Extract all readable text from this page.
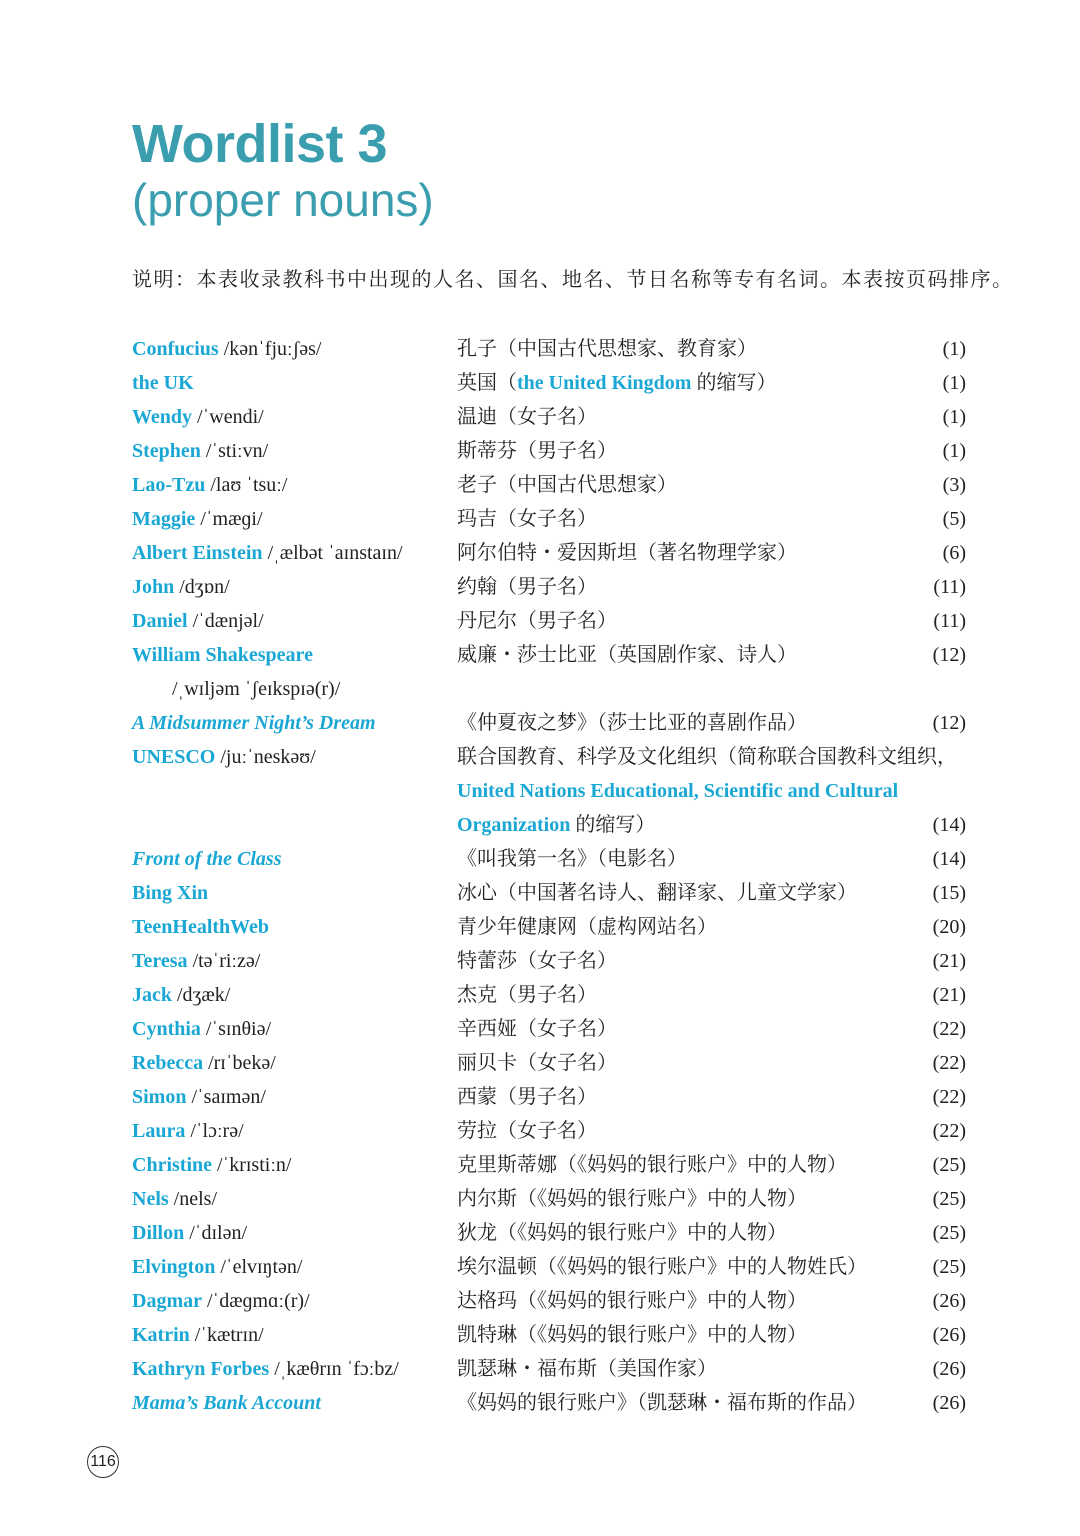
Wordlist 3
(proper nouns)
说明：本表收录教科书中出现的人名、国名、地名、节日名称等专有名词。本表按页码排序。
Confucius /kənˈfjuːʃəs/	孔子（中国古代思想家、教育家）	(1)
the UK	英国（the United Kingdom 的缩写）	(1)
Wendy /ˈwendi/	温迪（女子名）	(1)
Stephen /ˈstiːvn/	斯蒂芬（男子名）	(1)
Lao-Tzu /laʊ ˈtsuː/	老子（中国古代思想家）	(3)
Maggie /ˈmæɡi/	玛吉（女子名）	(5)
Albert Einstein /ˌælbət ˈaɪnstaɪn/	阿尔伯特・爱因斯坦（著名物理学家）	(6)
John /dʒɒn/	约翰（男子名）	(11)
Daniel /ˈdænjəl/	丹尼尔（男子名）	(11)
William Shakespeare	威廉・莎士比亚（英国剧作家、诗人）	(12)
/ˌwɪljəm ˈʃeɪkspɪə(r)/
A Midsummer Night’s Dream	《仲夏夜之梦》（莎士比亚的喜剧作品）	(12)
UNESCO /juːˈneskəʊ/	联合国教育、科学及文化组织（简称联合国教科文组织，
United Nations Educational, Scientific and Cultural
Organization 的缩写）	(14)
Front of the Class	《叫我第一名》（电影名）	(14)
Bing Xin	冰心（中国著名诗人、翻译家、儿童文学家）	(15)
TeenHealthWeb	青少年健康网（虚构网站名）	(20)
Teresa /təˈriːzə/	特蕾莎（女子名）	(21)
Jack /dʒæk/	杰克（男子名）	(21)
Cynthia /ˈsɪnθiə/	辛西娅（女子名）	(22)
Rebecca /rɪˈbekə/	丽贝卡（女子名）	(22)
Simon /ˈsaɪmən/	西蒙（男子名）	(22)
Laura /ˈlɔːrə/	劳拉（女子名）	(22)
Christine /ˈkrɪstiːn/	克里斯蒂娜（《妈妈的银行账户》中的人物）	(25)
Nels /nels/	内尔斯（《妈妈的银行账户》中的人物）	(25)
Dillon /ˈdɪlən/	狄龙（《妈妈的银行账户》中的人物）	(25)
Elvington /ˈelvɪŋtən/	埃尔温顿（《妈妈的银行账户》中的人物姓氏）	(25)
Dagmar /ˈdæɡmɑː(r)/	达格玛（《妈妈的银行账户》中的人物）	(26)
Katrin /ˈkætrɪn/	凯特琳（《妈妈的银行账户》中的人物）	(26)
Kathryn Forbes /ˌkæθrɪn ˈfɔːbz/	凯瑟琳・福布斯（美国作家）	(26)
Mama’s Bank Account	《妈妈的银行账户》（凯瑟琳・福布斯的作品）	(26)
116
